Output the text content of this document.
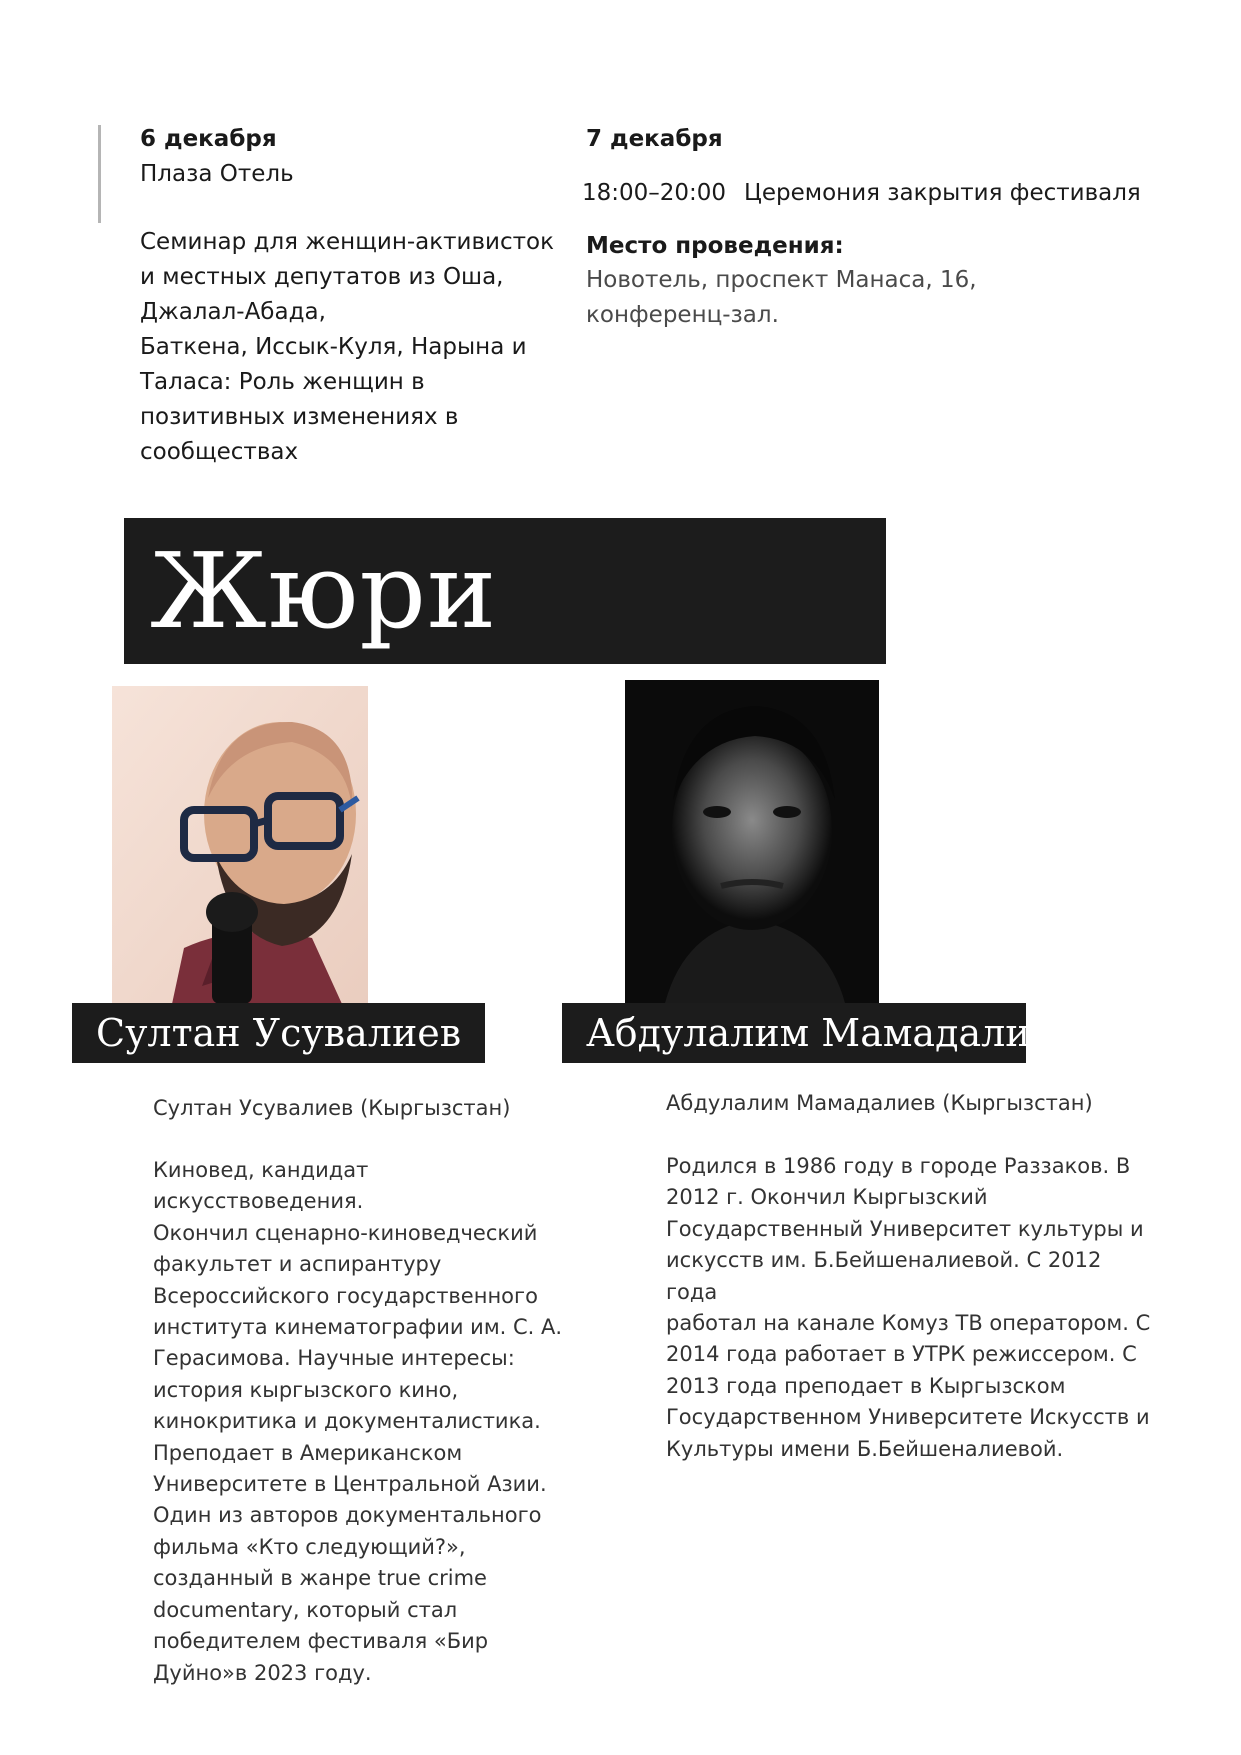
6 декабря
Плаза Отель
Семинар для женщин-активисток
и местных депутатов из Оша,
Джалал-Абада,
Баткена, Иссык-Куля, Нарына и
Таласа: Роль женщин в
позитивных изменениях в
сообществах
7 декабря
18:00–20:00 Церемония закрытия фестиваля
Место проведения:
Новотель, проспект Манаса, 16,
конференц-зал.
Жюри
Султан Усувалиев	Абдулалим Мамадалиев
Султан Усувалиев (Кыргызстан)

Киновед, кандидат искусствоведения.

Окончил сценарно-киноведческий

факультет и аспирантуру

Всероссийского государственного

института кинематографии им. С. А.

Герасимова. Научные интересы:

история кыргызского кино,

кинокритика и документалистика.

Преподает в Американском

Университете в Центральной Азии.

Один из авторов документального

фильма «Кто следующий?»,

созданный в жанре true crime

documentary, который стал

победителем фестиваля «Бир

Дуйно»в 2023 году.

Абдулалим Мамадалиев (Кыргызстан)

Родился в 1986 году в городе Раззаков. В

2012 г. Окончил Кыргызский

Государственный Университет культуры и

искусств им. Б.Бейшеналиевой. С 2012 года

работал на канале Комуз ТВ оператором. С

2014 года работает в УТРК режиссером. С

2013 года преподает в Кыргызском

Государственном Университете Искусств и

Культуры имени Б.Бейшеналиевой.
